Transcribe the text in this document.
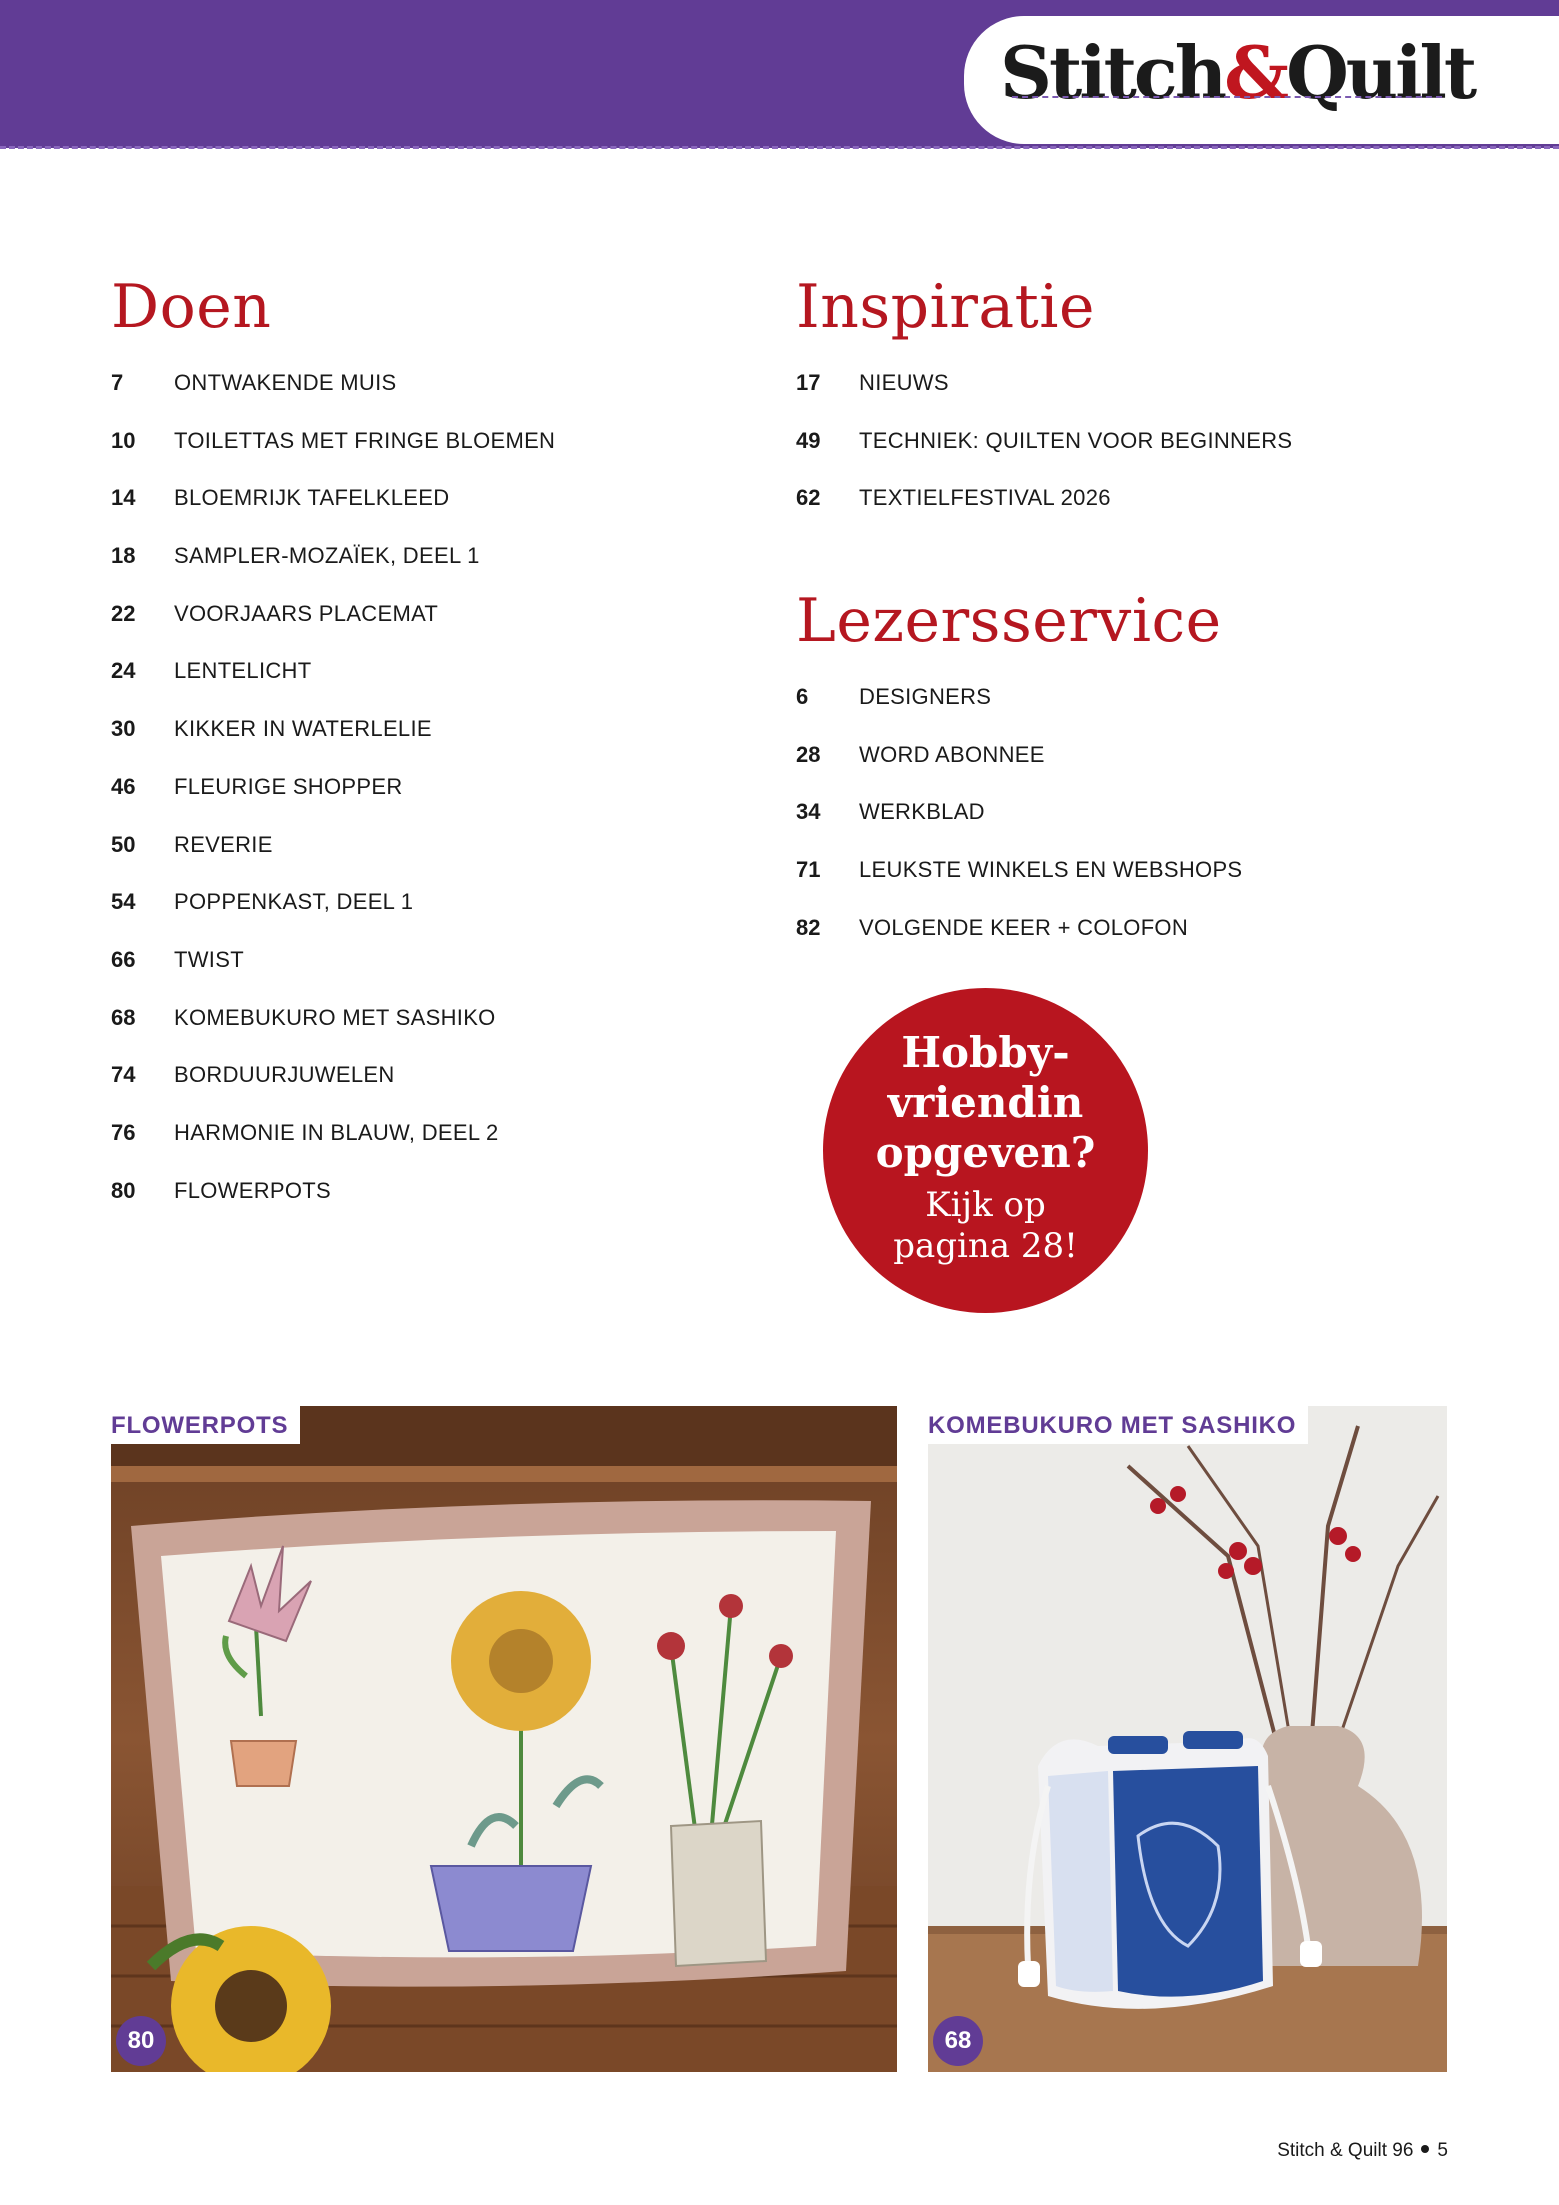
Stitch&Quilt
Doen
7	ONTWAKENDE MUIS
10	TOILETTAS MET FRINGE BLOEMEN
14	BLOEMRIJK TAFELKLEED
18	SAMPLER-MOZAÏEK, DEEL 1
22	VOORJAARS PLACEMAT
24	LENTELICHT
30	KIKKER IN WATERLELIE
46	FLEURIGE SHOPPER
50	REVERIE
54	POPPENKAST, DEEL 1
66	TWIST
68	KOMEBUKURO MET SASHIKO
74	BORDUURJUWELEN
76	HARMONIE IN BLAUW, DEEL 2
80	FLOWERPOTS
Inspiratie
17	NIEUWS
49	TECHNIEK: QUILTEN VOOR BEGINNERS
62	TEXTIELFESTIVAL 2026
Lezersservice
6	DESIGNERS
28	WORD ABONNEE
34	WERKBLAD
71	LEUKSTE WINKELS EN WEBSHOPS
82	VOLGENDE KEER + COLOFON
Hobby-
vriendin
opgeven?
Kijk op
pagina 28!
FLOWERPOTS
80
KOMEBUKURO MET SASHIKO
68
Stitch & Quilt 96 5
